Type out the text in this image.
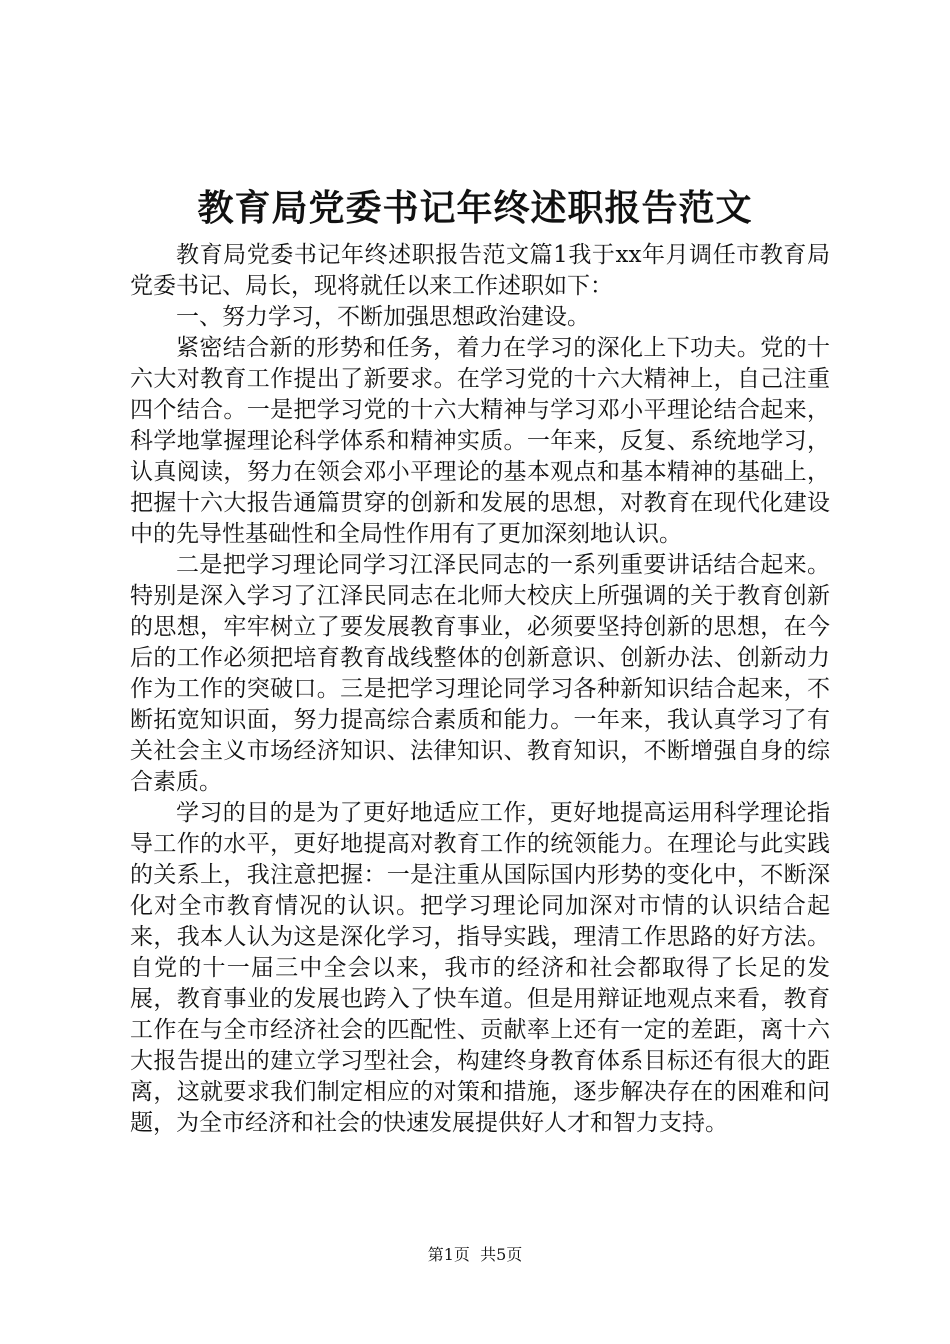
教育局党委书记年终述职报告范文

教育局党委书记年终述职报告范文篇1我于xx年月调任市教育局党委书记、局长，现将就任以来工作述职如下：

一、努力学习，不断加强思想政治建设。

紧密结合新的形势和任务，着力在学习的深化上下功夫。党的十六大对教育工作提出了新要求。在学习党的十六大精神上，自己注重四个结合。一是把学习党的十六大精神与学习邓小平理论结合起来，科学地掌握理论科学体系和精神实质。一年来，反复、系统地学习，认真阅读，努力在领会邓小平理论的基本观点和基本精神的基础上，把握十六大报告通篇贯穿的创新和发展的思想，对教育在现代化建设中的先导性基础性和全局性作用有了更加深刻地认识。

二是把学习理论同学习江泽民同志的一系列重要讲话结合起来。特别是深入学习了江泽民同志在北师大校庆上所强调的关于教育创新的思想，牢牢树立了要发展教育事业，必须要坚持创新的思想，在今后的工作必须把培育教育战线整体的创新意识、创新办法、创新动力作为工作的突破口。三是把学习理论同学习各种新知识结合起来，不断拓宽知识面，努力提高综合素质和能力。一年来，我认真学习了有关社会主义市场经济知识、法律知识、教育知识，不断增强自身的综合素质。

学习的目的是为了更好地适应工作，更好地提高运用科学理论指导工作的水平，更好地提高对教育工作的统领能力。在理论与此实践的关系上，我注意把握：一是注重从国际国内形势的变化中，不断深化对全市教育情况的认识。把学习理论同加深对市情的认识结合起来，我本人认为这是深化学习，指导实践，理清工作思路的好方法。自党的十一届三中全会以来，我市的经济和社会都取得了长足的发展，教育事业的发展也跨入了快车道。但是用辩证地观点来看，教育工作在与全市经济社会的匹配性、贡献率上还有一定的差距，离十六大报告提出的建立学习型社会，构建终身教育体系目标还有很大的距离，这就要求我们制定相应的对策和措施，逐步解决存在的困难和问题，为全市经济和社会的快速发展提供好人才和智力支持。

第1页 共5页
